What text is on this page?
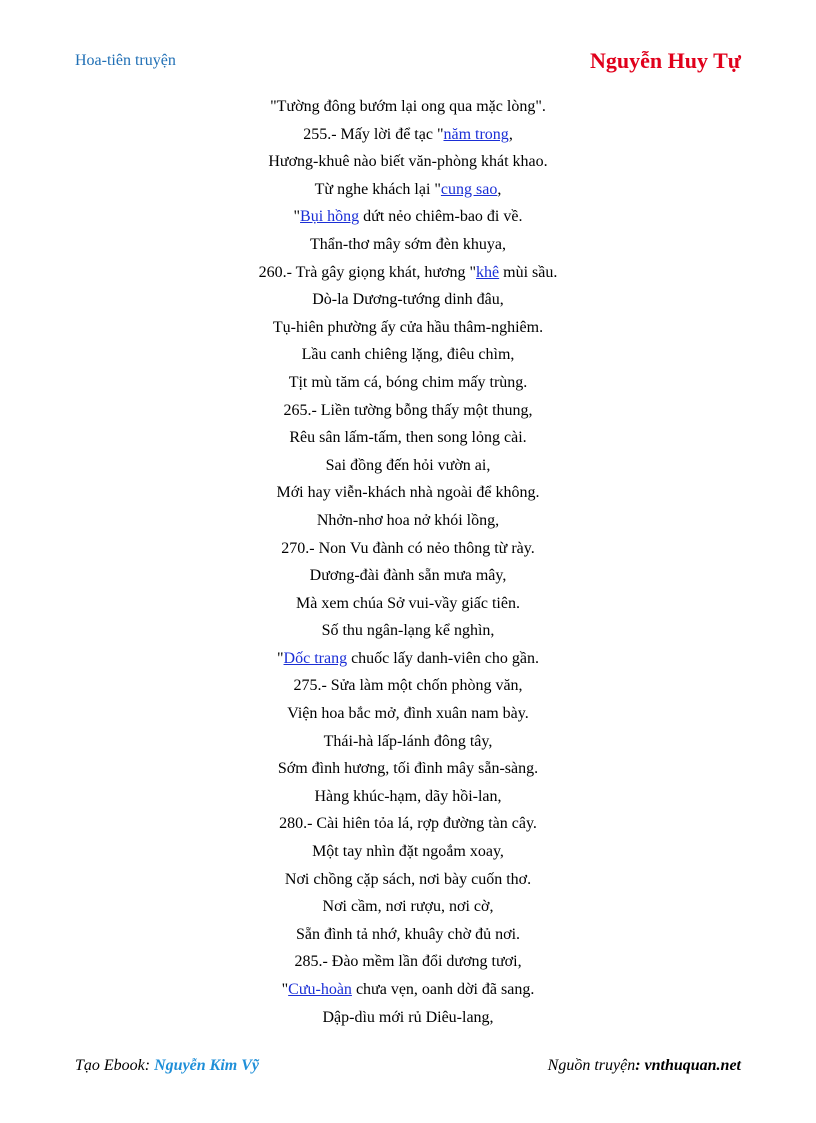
Hoa-tiên truyện	Nguyễn Huy Tự
"Tường đông bướm lại ong qua mặc lòng".
255.- Mấy lời để tạc "năm trong,
Hương-khuê nào biết văn-phòng khát khao.
Từ nghe khách lại "cung sao,
"Bụi hồng dứt nẻo chiêm-bao đi về.
Thẩn-thơ mây sớm đèn khuya,
260.- Trà gây giọng khát, hương "khê mùi sầu.
Dò-la Dương-tướng dinh đâu,
Tụ-hiên phường ấy cửa hầu thâm-nghiêm.
Lầu canh chiêng lặng, điêu chìm,
Tịt mù tăm cá, bóng chim mấy trùng.
265.- Liền tường bỗng thấy một thung,
Rêu sân lấm-tấm, then song lỏng cài.
Sai đồng đến hỏi vườn ai,
Mới hay viễn-khách nhà ngoài để không.
Nhởn-nhơ hoa nở khói lồng,
270.- Non Vu đành có nẻo thông từ rày.
Dương-đài đành sẵn mưa mây,
Mà xem chúa Sở vui-vầy giấc tiên.
Số thu ngân-lạng kể nghìn,
"Dốc trang chuốc lấy danh-viên cho gần.
275.- Sửa làm một chốn phòng văn,
Viện hoa bắc mở, đình xuân nam bày.
Thái-hà lấp-lánh đông tây,
Sớm đình hương, tối đình mây sẵn-sàng.
Hàng khúc-hạm, dãy hồi-lan,
280.- Cài hiên tỏa lá, rợp đường tàn cây.
Một tay nhìn đặt ngoắm xoay,
Nơi chồng cặp sách, nơi bày cuốn thơ.
Nơi cầm, nơi rượu, nơi cờ,
Sẵn đình tả nhớ, khuây chờ đủ nơi.
285.- Đào mềm lần đổi dương tươi,
"Cưu-hoàn chưa vẹn, oanh dời đã sang.
Dập-dìu mới rủ Diêu-lang,
Tạo Ebook: Nguyễn Kim Vỹ	Nguồn truyện: vnthuquan.net
